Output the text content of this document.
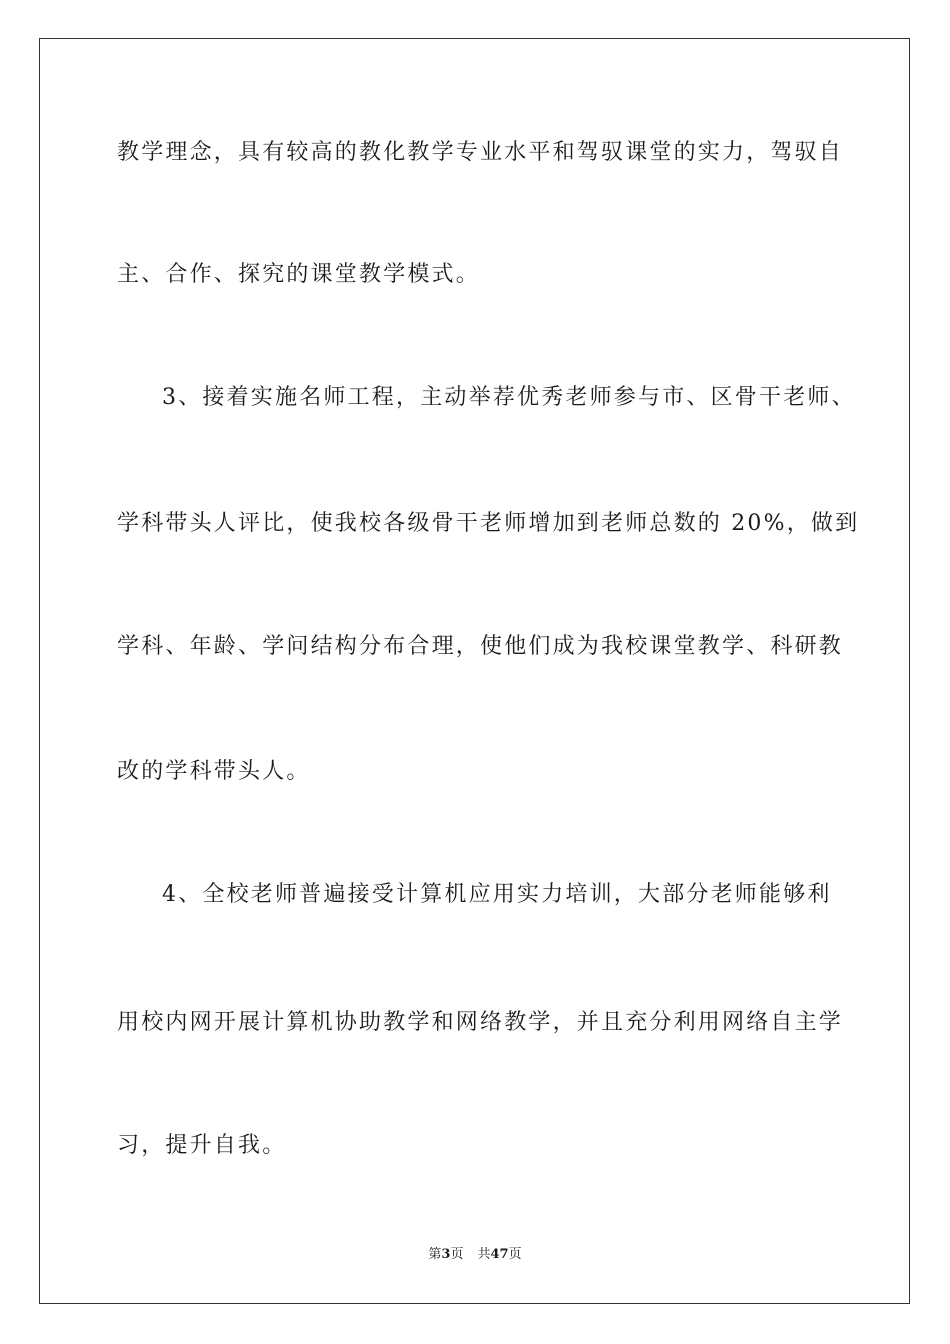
教学理念，具有较高的教化教学专业水平和驾驭课堂的实力，驾驭自
主、合作、探究的课堂教学模式。
3、接着实施名师工程，主动举荐优秀老师参与市、区骨干老师、
学科带头人评比，使我校各级骨干老师增加到老师总数的 20%，做到
学科、年龄、学问结构分布合理，使他们成为我校课堂教学、科研教
改的学科带头人。
4、全校老师普遍接受计算机应用实力培训，大部分老师能够利
用校内网开展计算机协助教学和网络教学，并且充分利用网络自主学
习，提升自我。
第3页 共47页
